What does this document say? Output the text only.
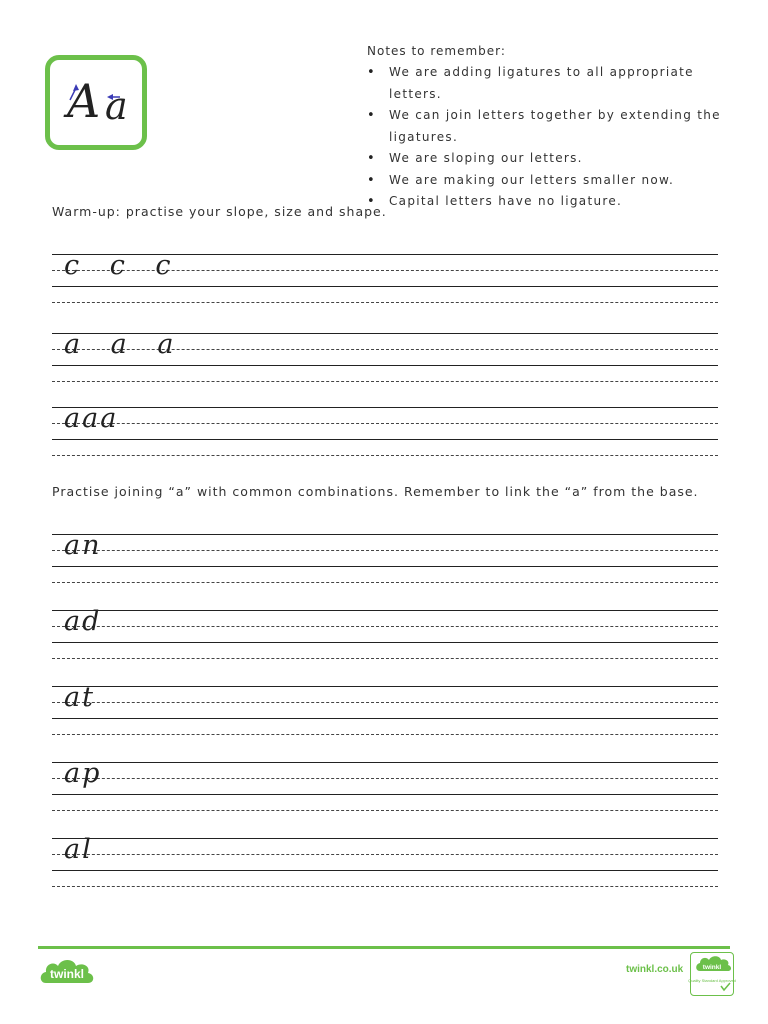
A a
Notes to remember:
• We are adding ligatures to all appropriate letters.
• We can join letters together by extending the ligatures.
• We are sloping our letters.
• We are making our letters smaller now.
• Capital letters have no ligature.
Warm-up: practise your slope, size and shape.
c c c
a a a
aaa
Practise joining “a” with common combinations. Remember to link the “a” from the base.
an
ad
at
ap
al
twinkl	twinkl.co.uk	twinkl
Quality Standard Approved
